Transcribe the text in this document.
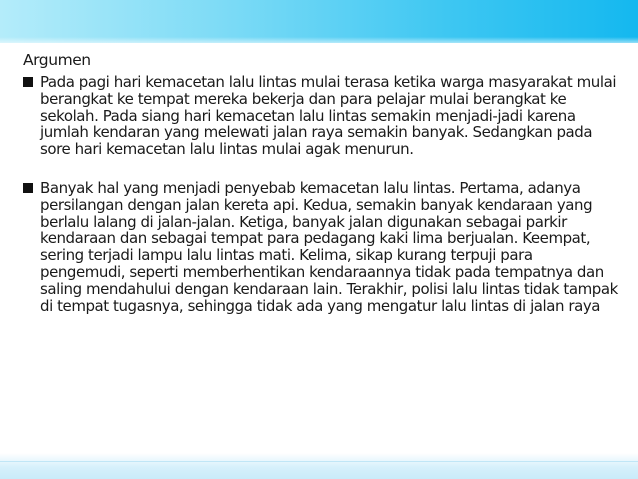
Argumen
Pada pagi hari kemacetan lalu lintas mulai terasa ketika warga masyarakat mulai berangkat ke tempat mereka bekerja dan para pelajar mulai berangkat ke sekolah. Pada siang hari kemacetan lalu lintas semakin menjadi-jadi karena jumlah kendaran yang melewati jalan raya semakin banyak. Sedangkan pada sore hari kemacetan lalu lintas mulai agak menurun.
Banyak hal yang menjadi penyebab kemacetan lalu lintas. Pertama, adanya persilangan dengan jalan kereta api. Kedua, semakin banyak kendaraan yang berlalu lalang di jalan-jalan. Ketiga, banyak jalan digunakan sebagai parkir kendaraan dan sebagai tempat para pedagang kaki lima berjualan. Keempat, sering terjadi lampu lalu lintas mati. Kelima, sikap kurang terpuji para pengemudi, seperti memberhentikan kendaraannya tidak pada tempatnya dan saling mendahului dengan kendaraan lain. Terakhir, polisi lalu lintas tidak tampak di tempat tugasnya, sehingga tidak ada yang mengatur lalu lintas di jalan raya
